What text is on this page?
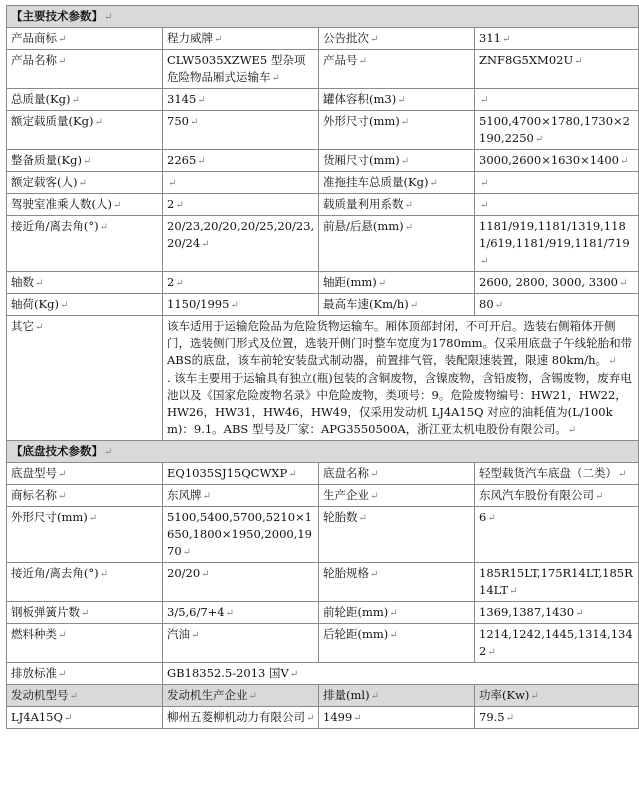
【主要技术参数】↵			
产品商标↵	程力威牌↵	公告批次↵	311↵
产品名称↵	CLW5035XZWE5 型杂项危险物品厢式运输车↵	产品号↵	ZNF8G5XM02U↵
总质量(Kg)↵	3145↵	罐体容积(m3)↵	↵
额定载质量(Kg)↵	750↵	外形尺寸(mm)↵	5100,4700×1780,1730×2190,2250↵
整备质量(Kg)↵	2265↵	货厢尺寸(mm)↵	3000,2600×1630×1400↵
额定载客(人)↵	↵	准拖挂车总质量(Kg)↵	↵
驾驶室准乘人数(人)↵	2↵	载质量利用系数↵	↵
接近角/离去角(°)↵	20/23,20/20,20/25,20/23,20/24↵	前悬/后悬(mm)↵	1181/919,1181/1319,1181/619,1181/919,1181/719↵
轴数↵	2↵	轴距(mm)↵	2600, 2800, 3000, 3300↵
轴荷(Kg)↵	1150/1995↵	最高车速(Km/h)↵	80↵
其它↵	该车适用于运输危险品为危险货物运输车。厢体顶部封闭，不可开启。选装右侧箱体开侧门，选装侧门形式及位置，选装开侧门时整车宽度为1780mm。仅采用底盘子午线轮胎和带ABS的底盘，该车前轮安装盘式制动器，前置排气管，装配限速装置，限速 80km/h。↵
. 该车主要用于运输具有独立(瓶)包装的含铜废物，含镍废物，含铅废物，含锡废物，废弃电池以及《国家危险废物名录》中危险废物，类项号：9。危险废物编号：HW21，HW22，HW26，HW31，HW46，HW49，仅采用发动机 LJ4A15Q 对应的油耗值为(L/100km)：9.1。ABS 型号及厂家：APG3550500A，浙江亚太机电股份有限公司。↵		

【底盘技术参数】↵			
底盘型号↵	EQ1035SJ15QCWXP↵	底盘名称↵	轻型载货汽车底盘（二类）↵
商标名称↵	东风牌↵	生产企业↵	东风汽车股份有限公司↵
外形尺寸(mm)↵	5100,5400,5700,5210×1650,1800×1950,2000,1970↵	轮胎数↵	6↵
接近角/离去角(°)↵	20/20↵	轮胎规格↵	185R15LT,175R14LT,185R14LT↵
钢板弹簧片数↵	3/5,6/7+4↵	前轮距(mm)↵	1369,1387,1430↵
燃料种类↵	汽油↵	后轮距(mm)↵	1214,1242,1445,1314,1342↵
排放标准↵	GB18352.5-2013 国Ⅴ↵		
发动机型号↵	发动机生产企业↵	排量(ml)↵	功率(Kw)↵
LJ4A15Q↵	柳州五菱柳机动力有限公司↵	1499↵	79.5↵
